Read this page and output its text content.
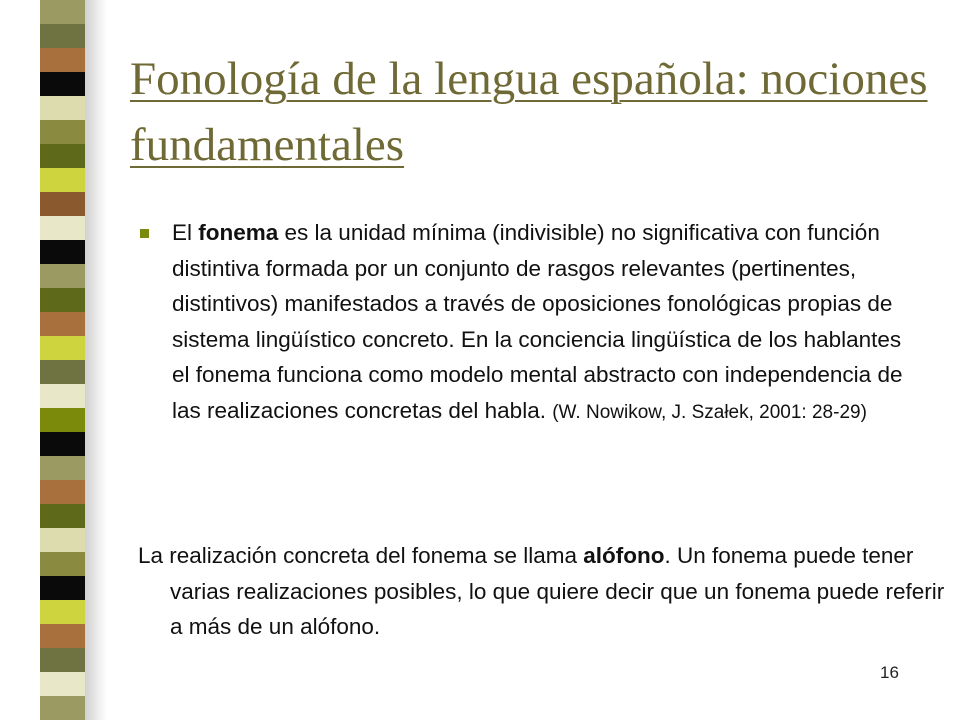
Fonología de la lengua española: nociones fundamentales
El fonema es la unidad mínima (indivisible) no significativa con función distintiva formada por un conjunto de rasgos relevantes (pertinentes, distintivos) manifestados a través de oposiciones fonológicas propias de sistema lingüístico concreto. En la conciencia lingüística de los hablantes el fonema funciona como modelo mental abstracto con independencia de las realizaciones concretas del habla. (W. Nowikow, J. Szałek, 2001: 28-29)
La realización concreta del fonema se llama alófono. Un fonema puede tener varias realizaciones posibles, lo que quiere decir que un fonema puede referir a más de un alófono.
16
